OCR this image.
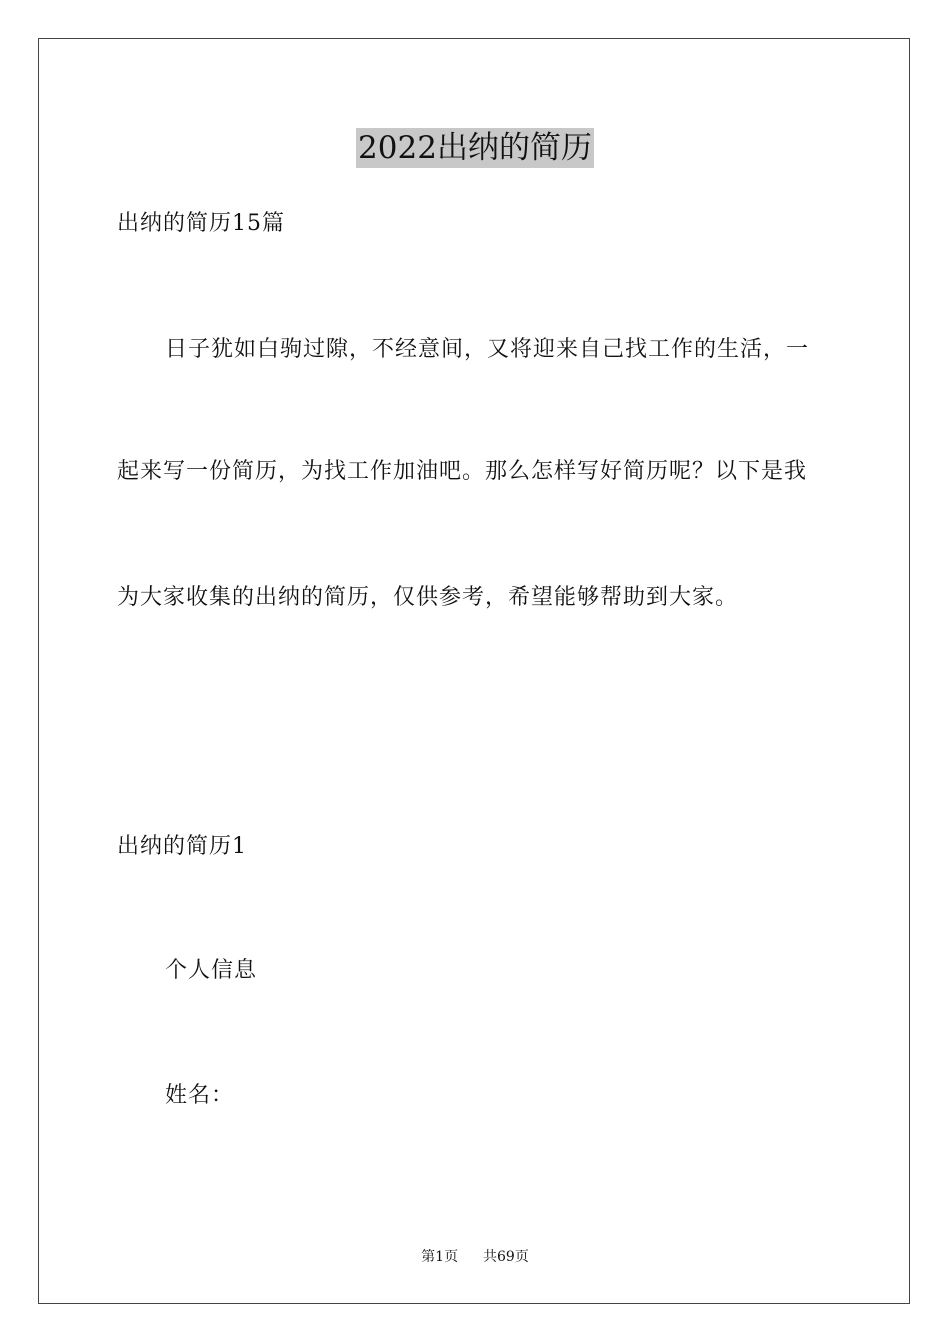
2022出纳的简历
出纳的简历15篇
日子犹如白驹过隙，不经意间，又将迎来自己找工作的生活，一
起来写一份简历，为找工作加油吧。那么怎样写好简历呢？以下是我
为大家收集的出纳的简历，仅供参考，希望能够帮助到大家。
出纳的简历1
个人信息
姓名：
第1页 共69页
